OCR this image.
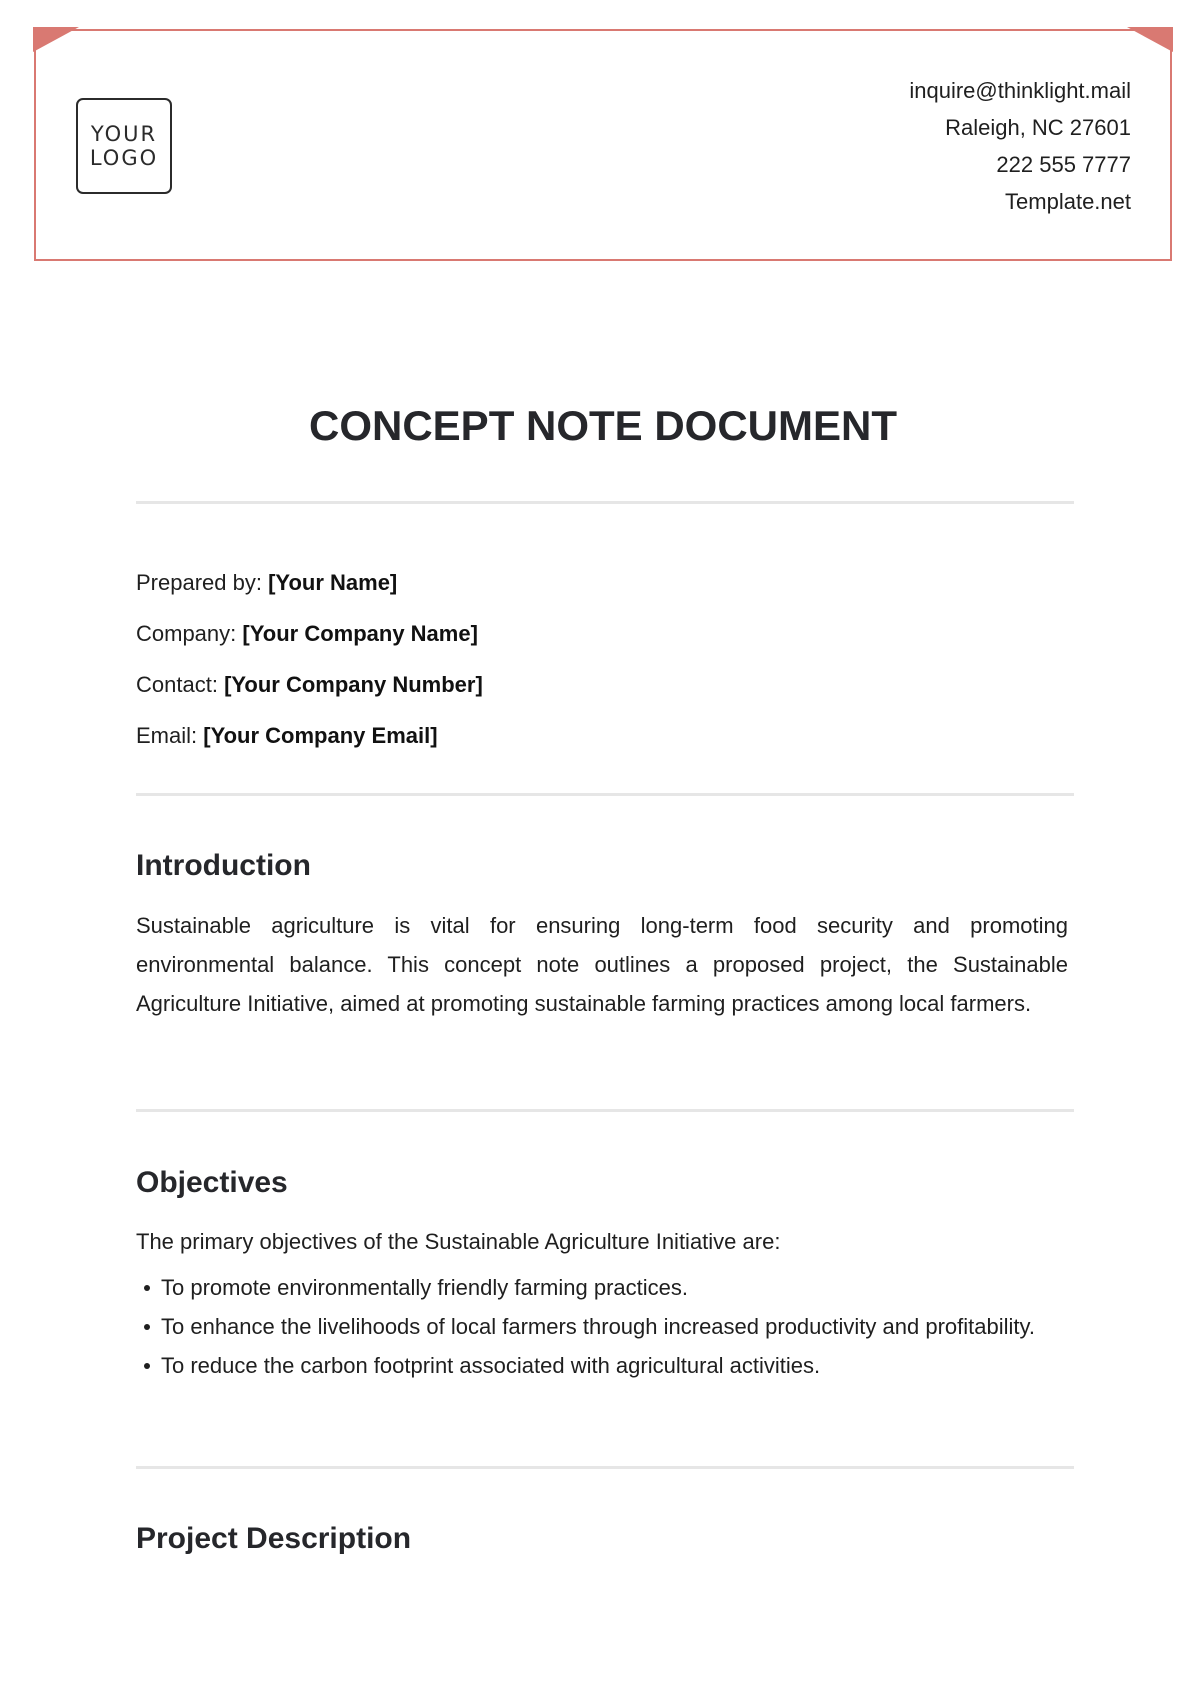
YOUR
LOGO
inquire@thinklight.mail
Raleigh, NC 27601
222 555 7777
Template.net
CONCEPT NOTE DOCUMENT
Prepared by: [Your Name]
Company: [Your Company Name]
Contact: [Your Company Number]
Email: [Your Company Email]
Introduction

Sustainable agriculture is vital for ensuring long-term food security and promoting environmental balance. This concept note outlines a proposed project, the Sustainable Agriculture Initiative, aimed at promoting sustainable farming practices among local farmers.

Objectives

The primary objectives of the Sustainable Agriculture Initiative are:

To promote environmentally friendly farming practices.
To enhance the livelihoods of local farmers through increased productivity and profitability.
To reduce the carbon footprint associated with agricultural activities.
Project Description
